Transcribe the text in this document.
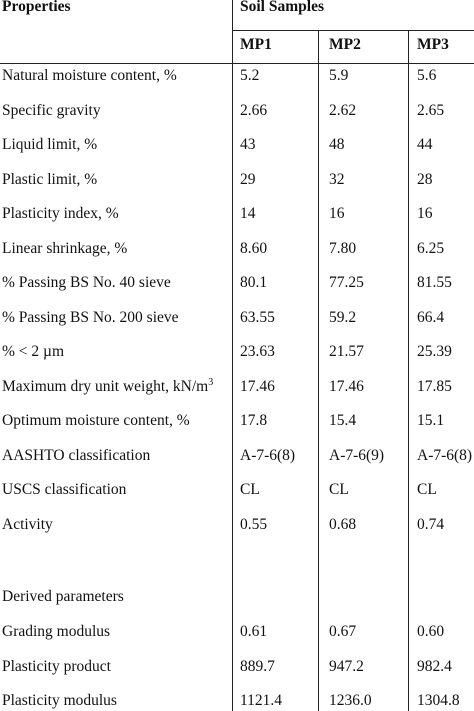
Properties	Soil Samples
MP1	MP2	MP3
Natural moisture content, %	5.2	5.9	5.6
Specific gravity	2.66	2.62	2.65
Liquid limit, %	43	48	44
Plastic limit, %	29	32	28
Plasticity index, %	14	16	16
Linear shrinkage, %	8.60	7.80	6.25
% Passing BS No. 40 sieve	80.1	77.25	81.55
% Passing BS No. 200 sieve	63.55	59.2	66.4
% < 2 µm	23.63	21.57	25.39
Maximum dry unit weight, $kN/m^3$ 17.46	17.46	17.85
Optimum moisture content, %	17.8	15.4	15.1
AASHTO classification	A-7-6(8) A-7-6(9) A-7-6(8)
USCS classification	CL	CL	CL
Activity	0.55	0.68	0.74
Derived parameters
Grading modulus	0.61	0.67	0.60
Plasticity product	889.7	947.2	982.4
Plasticity modulus	1121.4	1236.0	1304.8
